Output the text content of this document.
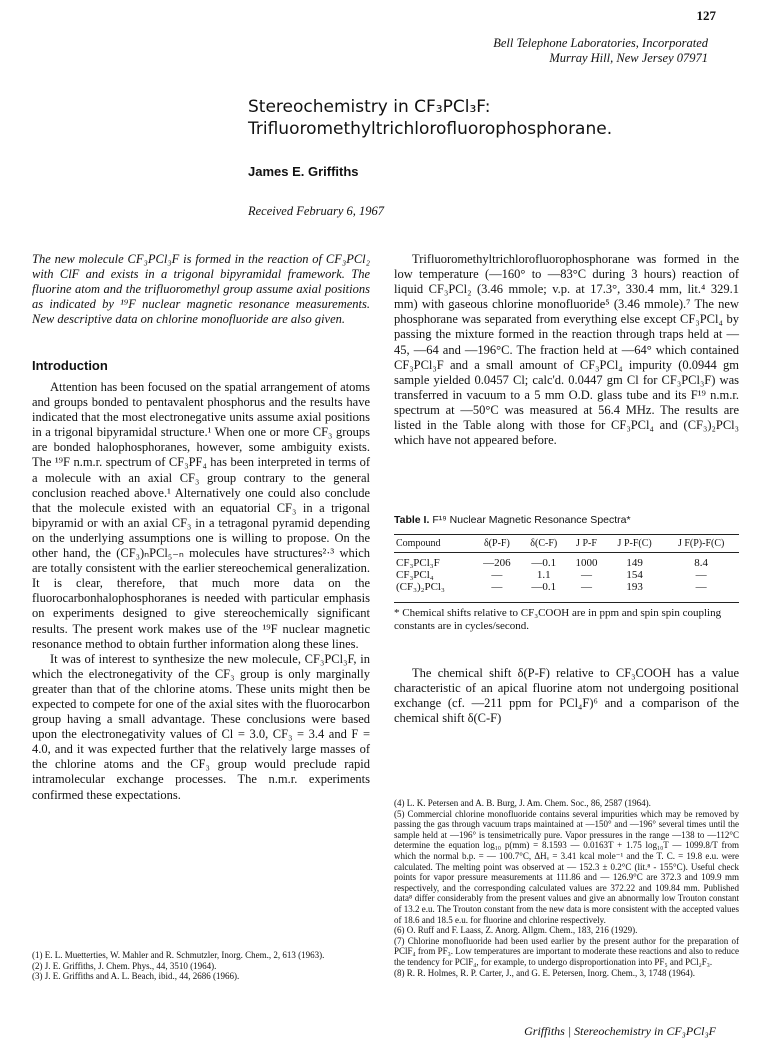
127
Bell Telephone Laboratories, Incorporated
Murray Hill, New Jersey 07971
Stereochemistry in CF₃PCl₃F:
Trifluoromethyltrichlorofluorophosphorane.
James E. Griffiths
Received February 6, 1967
The new molecule CF₃PCl₃F is formed in the reaction of CF₃PCl₂ with ClF and exists in a trigonal bipyramidal framework. The fluorine atom and the trifluoromethyl group assume axial positions as indicated by ¹⁹F nuclear magnetic resonance measurements. New descriptive data on chlorine monofluoride are also given.
Introduction

Attention has been focused on the spatial arrangement of atoms and groups bonded to pentavalent phosphorus and the results have indicated that the most electronegative units assume axial positions in a trigonal bipyramidal structure.¹ When one or more CF₃ groups are bonded halophosphoranes, however, some ambiguity exists. The ¹⁹F n.m.r. spectrum of CF₃PF₄ has been interpreted in terms of a molecule with an axial CF₃ group contrary to the general conclusion reached above.¹ Alternatively one could also conclude that the molecule existed with an equatorial CF₃ in a trigonal bipyramid or with an axial CF₃ in a tetragonal pyramid depending on the underlying assumptions one is willing to propose. On the other hand, the (CF₃)ₙPCl₅₋ₙ molecules have structures²·³ which are totally consistent with the earlier stereochemical generalization. It is clear, therefore, that much more data on the fluorocarbonhalophosphoranes is needed with particular emphasis on experiments designed to give stereochemically significant results. The present work makes use of the ¹⁹F nuclear magnetic resonance method to obtain further information along these lines.

It was of interest to synthesize the new molecule, CF₃PCl₃F, in which the electronegativity of the CF₃ group is only marginally greater than that of the chlorine atoms. These units might then be expected to compete for one of the axial sites with the fluorocarbon group having a small advantage. These conclusions were based upon the electronegativity values of Cl = 3.0, CF₃ = 3.4 and F = 4.0, and it was expected further that the relatively large masses of the chlorine atoms and the CF₃ group would preclude rapid intramolecular exchange processes. The n.m.r. experiments confirmed these expectations.

(1) E. L. Muetterties, W. Mahler and R. Schmutzler, Inorg. Chem., 2, 613 (1963).
(2) J. E. Griffiths, J. Chem. Phys., 44, 3510 (1964).
(3) J. E. Griffiths and A. L. Beach, ibid., 44, 2686 (1966).

Trifluoromethyltrichlorofluorophosphorane was formed in the low temperature (—160° to —83°C during 3 hours) reaction of liquid CF₃PCl₂ (3.46 mmole; v.p. at 17.3°, 330.4 mm, lit.⁴ 329.1 mm) with gaseous chlorine monofluoride⁵ (3.46 mmole).⁷ The new phosphorane was separated from everything else except CF₃PCl₄ by passing the mixture formed in the reaction through traps held at —45, —64 and —196°C. The fraction held at —64° which contained CF₃PCl₃F and a small amount of CF₃PCl₄ impurity (0.0944 gm sample yielded 0.0457 Cl; calc'd. 0.0447 gm Cl for CF₃PCl₃F) was transferred in vacuum to a 5 mm O.D. glass tube and its F¹⁹ n.m.r. spectrum at —50°C was measured at 56.4 MHz. The results are listed in the Table along with those for CF₃PCl₄ and (CF₃)₂PCl₃ which have not appeared before.

Table I. F¹⁹ Nuclear Magnetic Resonance Spectra*
Compound	δ(P-F)	δ(C-F)	J P-F	J P-F(C)	J F(P)-F(C)
CF₃PCl₃F	—206	—0.1	1000	149	8.4
CF₃PCl₄	—	1.1	—	154	—
(CF₃)₂PCl₃	—	—0.1	—	193	—
* Chemical shifts relative to CF₃COOH are in ppm and spin spin coupling constants are in cycles/second.

The chemical shift δ(P-F) relative to CF₃COOH has a value characteristic of an apical fluorine atom not undergoing positional exchange (cf. —211 ppm for PCl₄F)⁶ and a comparison of the chemical shift δ(C-F)

(4) L. K. Petersen and A. B. Burg, J. Am. Chem. Soc., 86, 2587 (1964).
(5) Commercial chlorine monofluoride contains several impurities which may be removed by passing the gas through vacuum traps maintained at —150° and —196° several times until the sample held at —196° is tensimetrically pure. Vapor pressures in the range —138 to —112°C determine the equation log₁₀ p(mm) = 8.1593 — 0.0163T + 1.75 log₁₀T — 1099.8/T from which the normal b.p. = — 100.7°C, ΔHᵥ = 3.41 kcal mole⁻¹ and the T. C. = 19.8 e.u. were calculated. The melting point was observed at — 152.3 ± 0.2°C (lit.⁸ - 155°C). Useful check points for vapor pressure measurements at 111.86 and — 126.9°C are 372.3 and 109.9 mm respectively, and the corresponding calculated values are 372.22 and 109.84 mm. Published data⁸ differ considerably from the present values and give an abnormally low Trouton constant of 13.2 e.u. The Trouton constant from the new data is more consistent with the accepted values of 18.6 and 18.5 e.u. for fluorine and chlorine respectively.
(6) O. Ruff and F. Laass, Z. Anorg. Allgm. Chem., 183, 216 (1929).
(7) Chlorine monofluoride had been used earlier by the present author for the preparation of PClF₄ from PF₃. Low temperatures are important to moderate these reactions and also to reduce the tendency for PClF₄, for example, to undergo disproportionation into PF₅ and PCl₂F₃.
(8) R. R. Holmes, R. P. Carter, J., and G. E. Petersen, Inorg. Chem., 3, 1748 (1964).
Griffiths | Stereochemistry in CF₃PCl₃F
